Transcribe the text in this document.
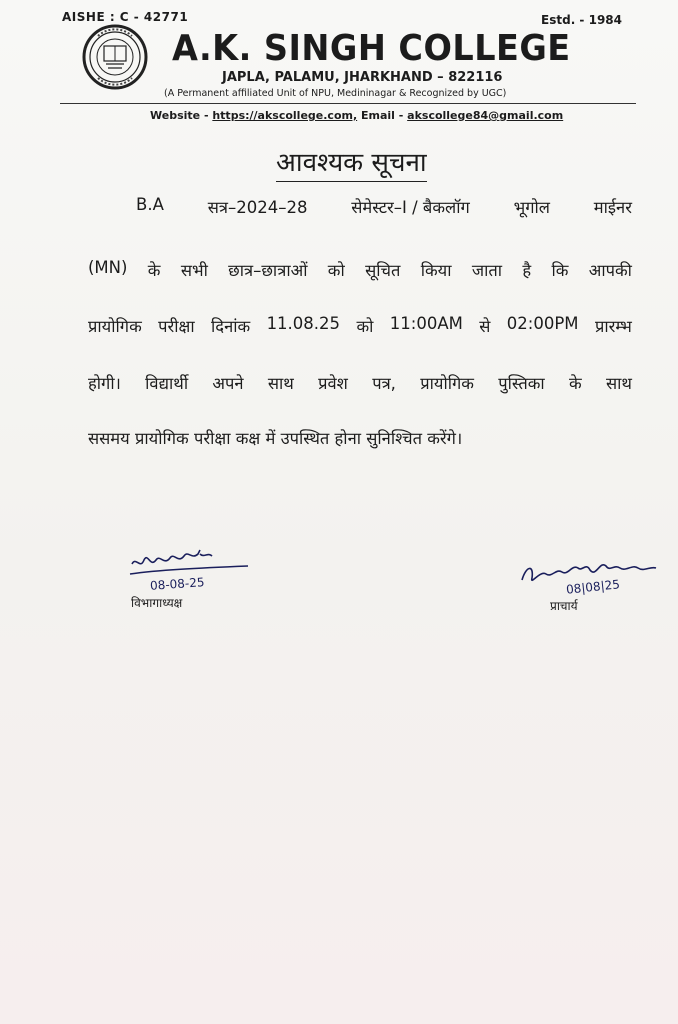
AISHE : C - 42771	Estd. - 1984
A.K. SINGH COLLEGE
JAPLA, PALAMU, JHARKHAND – 822116
(A Permanent affiliated Unit of NPU, Medininagar & Recognized by UGC)
Website - https://akscollege.com, Email - akscollege84@gmail.com
आवश्यक सूचना
B.A	सत्र–2024–28	सेमेस्टर–I / बैकलॉग	भूगोल	माईनर
(MN) के सभी छात्र–छात्राओं को सूचित किया जाता है कि आपकी
प्रायोगिक परीक्षा दिनांक 11.08.25 को 11:00AM से 02:00PM प्रारम्भ
होगी। विद्यार्थी अपने साथ प्रवेश पत्र, प्रायोगिक पुस्तिका के साथ
ससमय प्रायोगिक परीक्षा कक्ष में उपस्थित होना सुनिश्चित करेंगे।
08-08-25
विभागाध्यक्ष
08|08|25
प्राचार्य
